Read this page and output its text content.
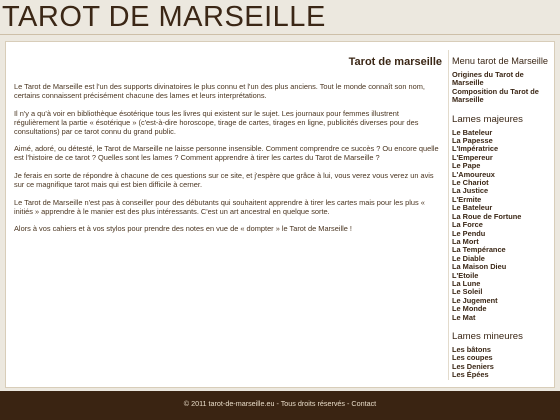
TAROT DE MARSEILLE
Tarot de marseille

Le Tarot de Marseille est l'un des supports divinatoires le plus connu et l'un des plus anciens. Tout le monde connaît son nom, certains connaissent précisément chacune des lames et leurs interprétations.

Il n'y a qu'à voir en bibliothèque ésotérique tous les livres qui existent sur le sujet. Les journaux pour femmes illustrent régulièrement la partie « ésotérique » (c'est-à-dire horoscope, tirage de cartes, tirages en ligne, publicités diverses pour des consultations) par ce tarot connu du grand public.

Aimé, adoré, ou détesté, le Tarot de Marseille ne laisse personne insensible. Comment comprendre ce succès ? Ou encore quelle est l'histoire de ce tarot ? Quelles sont les lames ? Comment apprendre à tirer les cartes du Tarot de Marseille ?

Je ferais en sorte de répondre à chacune de ces questions sur ce site, et j'espère que grâce à lui, vous verez vous verez un avis sur ce magnifique tarot mais qui est bien difficile à cerner.

Le Tarot de Marseille n'est pas à conseiller pour des débutants qui souhaitent apprendre à tirer les cartes mais pour les plus « initiés » apprendre à le manier est des plus intéressants. C'est un art ancestral en quelque sorte.

Alors à vos cahiers et à vos stylos pour prendre des notes en vue de « dompter » le Tarot de Marseille !

Menu tarot de Marseille
Origines du Tarot de Marseille
Composition du Tarot de Marseille
Lames majeures
Le Bateleur
La Papesse
L'Impératrice
L'Empereur
Le Pape
L'Amoureux
Le Chariot
La Justice
L'Ermite
Le Bateleur
La Roue de Fortune
La Force
Le Pendu
La Mort
La Tempérance
Le Diable
La Maison Dieu
L'Etoile
La Lune
Le Soleil
Le Jugement
Le Monde
Le Mat
Lames mineures
Les bâtons
Les coupes
Les Deniers
Les Épées
© 2011 tarot-de-marseille.eu - Tous droits réservés - Contact
